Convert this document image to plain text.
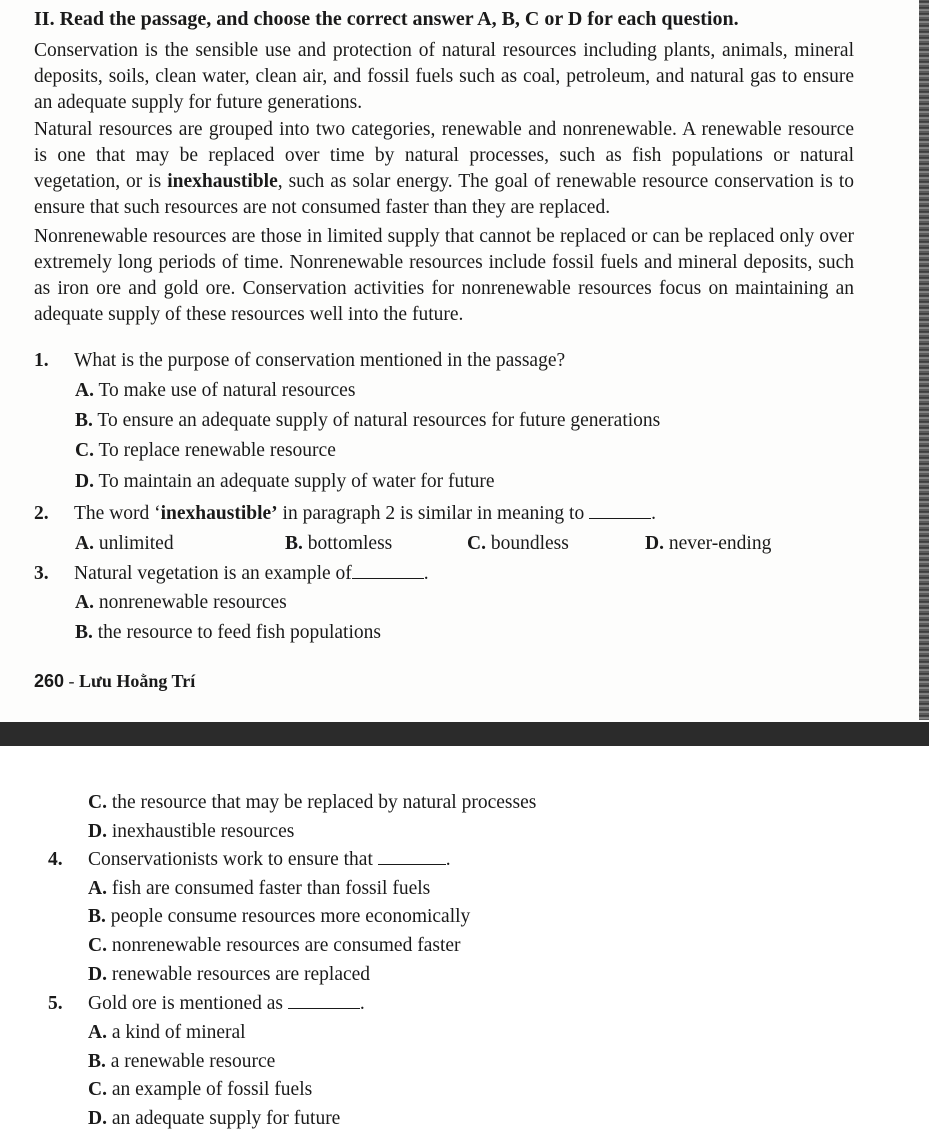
II. Read the passage, and choose the correct answer A, B, C or D for each question.
Conservation is the sensible use and protection of natural resources including plants, animals, mineral deposits, soils, clean water, clean air, and fossil fuels such as coal, petroleum, and natural gas to ensure an adequate supply for future generations.
Natural resources are grouped into two categories, renewable and nonrenewable. A renewable resource is one that may be replaced over time by natural processes, such as fish populations or natural vegetation, or is inexhaustible, such as solar energy. The goal of renewable resource conservation is to ensure that such resources are not consumed faster than they are replaced.
Nonrenewable resources are those in limited supply that cannot be replaced or can be replaced only over extremely long periods of time. Nonrenewable resources include fossil fuels and mineral deposits, such as iron ore and gold ore. Conservation activities for nonrenewable resources focus on maintaining an adequate supply of these resources well into the future.
1. What is the purpose of conservation mentioned in the passage?
A. To make use of natural resources
B. To ensure an adequate supply of natural resources for future generations
C. To replace renewable resource
D. To maintain an adequate supply of water for future
2. The word ‘inexhaustible’ in paragraph 2 is similar in meaning to	.
A. unlimited	B. bottomless	C. boundless	D. never-ending
3. Natural vegetation is an example of	.
A. nonrenewable resources
B. the resource to feed fish populations
260 - Lưu Hoằng Trí
C. the resource that may be replaced by natural processes
D. inexhaustible resources
4. Conservationists work to ensure that	.
A. fish are consumed faster than fossil fuels
B. people consume resources more economically
C. nonrenewable resources are consumed faster
D. renewable resources are replaced
5. Gold ore is mentioned as	.
A. a kind of mineral
B. a renewable resource
C. an example of fossil fuels
D. an adequate supply for future
